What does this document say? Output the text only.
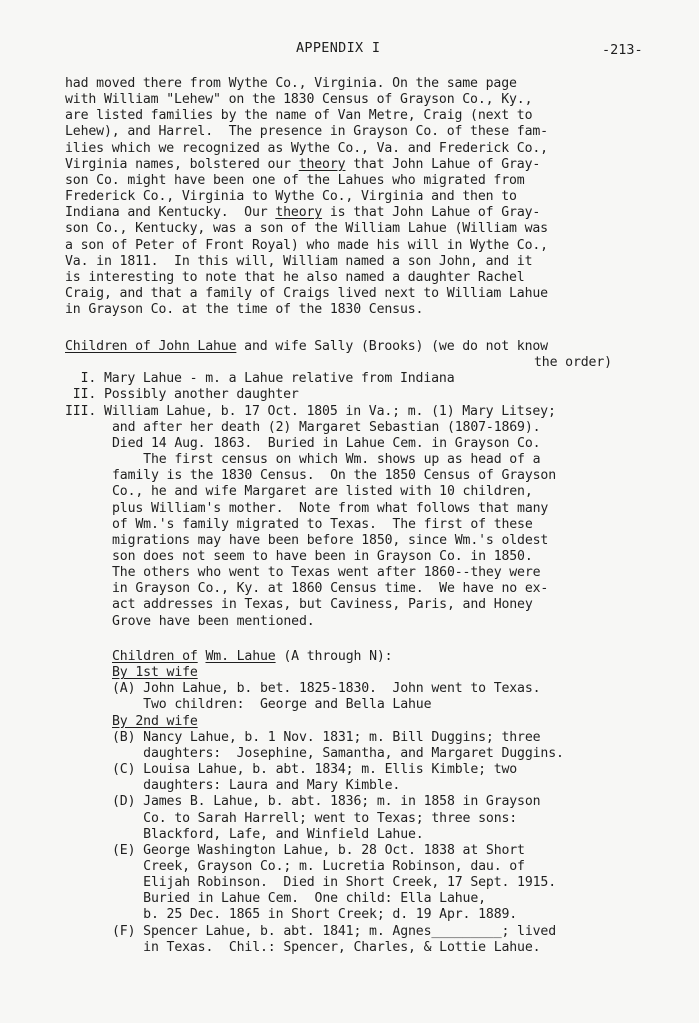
APPENDIX I	-213-
had moved there from Wythe Co., Virginia. On the same page
with William "Lehew" on the 1830 Census of Grayson Co., Ky.,
are listed families by the name of Van Metre, Craig (next to
Lehew), and Harrel.  The presence in Grayson Co. of these fam-
ilies which we recognized as Wythe Co., Va. and Frederick Co.,
Virginia names, bolstered our theory that John Lahue of Gray-
son Co. might have been one of the Lahues who migrated from
Frederick Co., Virginia to Wythe Co., Virginia and then to
Indiana and Kentucky.  Our theory is that John Lahue of Gray-
son Co., Kentucky, was a son of the William Lahue (William was
a son of Peter of Front Royal) who made his will in Wythe Co.,
Va. in 1811.  In this will, William named a son John, and it
is interesting to note that he also named a daughter Rachel
Craig, and that a family of Craigs lived next to William Lahue
in Grayson Co. at the time of the 1830 Census.
Children of John Lahue and wife Sally (Brooks) (we do not know
the order)
I. Mary Lahue - m. a Lahue relative from Indiana
II. Possibly another daughter
III. William Lahue, b. 17 Oct. 1805 in Va.; m. (1) Mary Litsey;
and after her death (2) Margaret Sebastian (1807-1869).
Died 14 Aug. 1863.  Buried in Lahue Cem. in Grayson Co.
The first census on which Wm. shows up as head of a
family is the 1830 Census.  On the 1850 Census of Grayson
Co., he and wife Margaret are listed with 10 children,
plus William's mother.  Note from what follows that many
of Wm.'s family migrated to Texas.  The first of these
migrations may have been before 1850, since Wm.'s oldest
son does not seem to have been in Grayson Co. in 1850.
The others who went to Texas went after 1860--they were
in Grayson Co., Ky. at 1860 Census time.  We have no ex-
act addresses in Texas, but Caviness, Paris, and Honey
Grove have been mentioned.
Children of Wm. Lahue (A through N):
By 1st wife
(A) John Lahue, b. bet. 1825-1830.  John went to Texas.
Two children:  George and Bella Lahue
By 2nd wife
(B) Nancy Lahue, b. 1 Nov. 1831; m. Bill Duggins; three
daughters:  Josephine, Samantha, and Margaret Duggins.
(C) Louisa Lahue, b. abt. 1834; m. Ellis Kimble; two
daughters: Laura and Mary Kimble.
(D) James B. Lahue, b. abt. 1836; m. in 1858 in Grayson
Co. to Sarah Harrell; went to Texas; three sons:
Blackford, Lafe, and Winfield Lahue.
(E) George Washington Lahue, b. 28 Oct. 1838 at Short
Creek, Grayson Co.; m. Lucretia Robinson, dau. of
Elijah Robinson.  Died in Short Creek, 17 Sept. 1915.
Buried in Lahue Cem.  One child: Ella Lahue,
b. 25 Dec. 1865 in Short Creek; d. 19 Apr. 1889.
(F) Spencer Lahue, b. abt. 1841; m. Agnes_________; lived
in Texas.  Chil.: Spencer, Charles, & Lottie Lahue.
